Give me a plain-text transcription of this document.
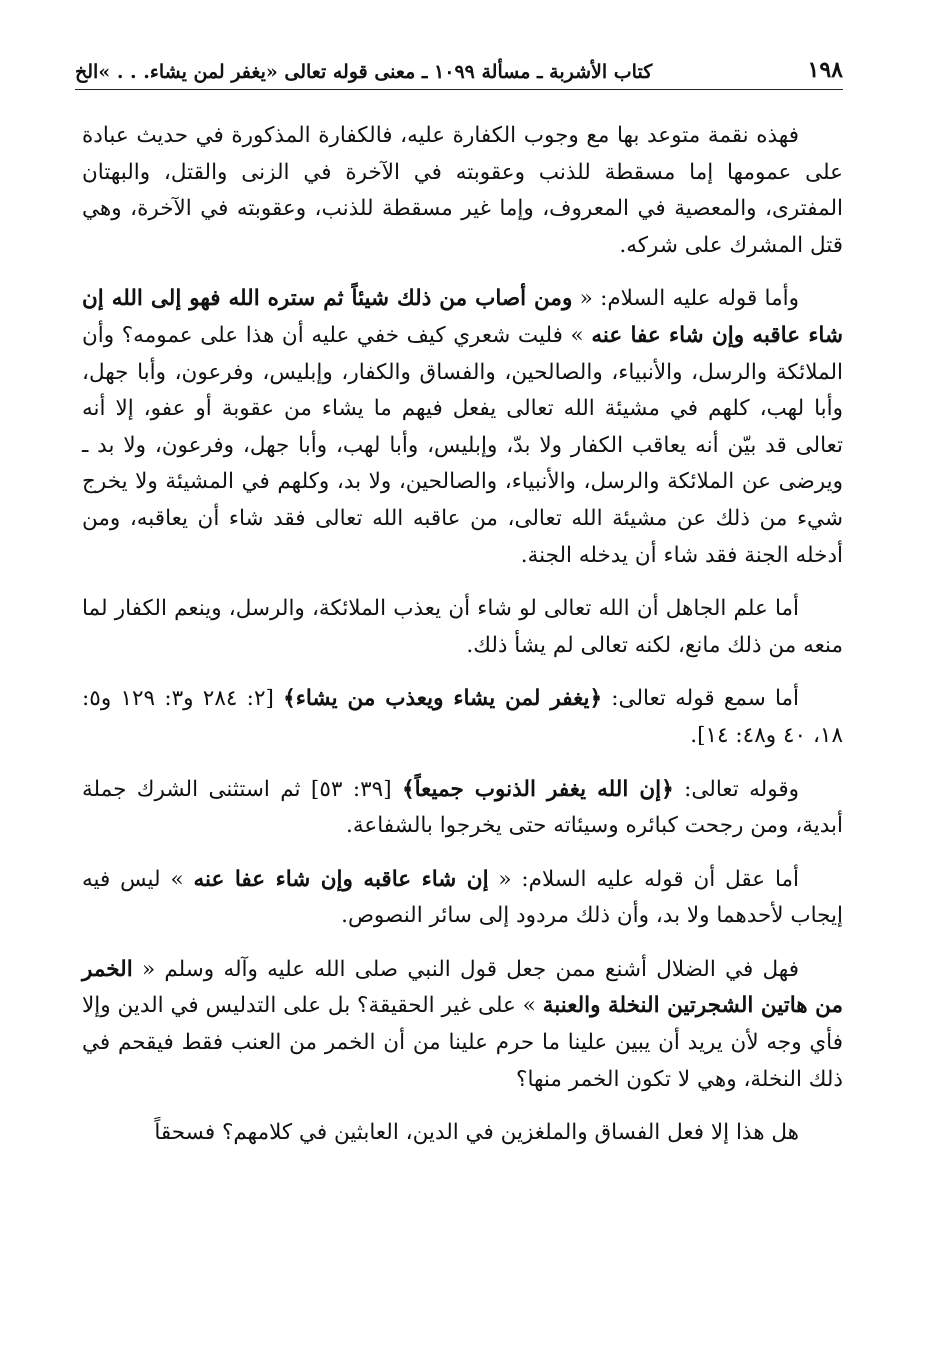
١٩٨
كتاب الأشربة ـ مسألة ١٠٩٩ ـ معنى قوله تعالى «يغفر لمن يشاء. . . »الخ

فهذه نقمة متوعد بها مع وجوب الكفارة عليه، فالكفارة المذكورة في حديث عبادة على عمومها إما مسقطة للذنب وعقوبته في الآخرة في الزنى والقتل، والبهتان المفترى، والمعصية في المعروف، وإما غير مسقطة للذنب، وعقوبته في الآخرة، وهي قتل المشرك على شركه.

وأما قوله عليه السلام: « ومن أصاب من ذلك شيئاً ثم ستره الله فهو إلى الله إن شاء عاقبه وإن شاء عفا عنه » فليت شعري كيف خفي عليه أن هذا على عمومه؟ وأن الملائكة والرسل، والأنبياء، والصالحين، والفساق والكفار، وإبليس، وفرعون، وأبا جهل، وأبا لهب، كلهم في مشيئة الله تعالى يفعل فيهم ما يشاء من عقوبة أو عفو، إلا أنه تعالى قد بيّن أنه يعاقب الكفار ولا بدّ، وإبليس، وأبا لهب، وأبا جهل، وفرعون، ولا بد ـ ويرضى عن الملائكة والرسل، والأنبياء، والصالحين، ولا بد، وكلهم في المشيئة ولا يخرج شيء من ذلك عن مشيئة الله تعالى، من عاقبه الله تعالى فقد شاء أن يعاقبه، ومن أدخله الجنة فقد شاء أن يدخله الجنة.

أما علم الجاهل أن الله تعالى لو شاء أن يعذب الملائكة، والرسل، وينعم الكفار لما منعه من ذلك مانع، لكنه تعالى لم يشأ ذلك.

أما سمع قوله تعالى: ﴿يغفر لمن يشاء ويعذب من يشاء﴾ [٢: ٢٨٤ و٣: ١٢٩ و٥: ١٨، ٤٠ و٤٨: ١٤].

وقوله تعالى: ﴿إن الله يغفر الذنوب جميعاً﴾ [٣٩: ٥٣] ثم استثنى الشرك جملة أبدية، ومن رجحت كبائره وسيئاته حتى يخرجوا بالشفاعة.

أما عقل أن قوله عليه السلام: « إن شاء عاقبه وإن شاء عفا عنه » ليس فيه إيجاب لأحدهما ولا بد، وأن ذلك مردود إلى سائر النصوص.

فهل في الضلال أشنع ممن جعل قول النبي صلى الله عليه وآله وسلم « الخمر من هاتين الشجرتين النخلة والعنبة » على غير الحقيقة؟ بل على التدليس في الدين وإلا فأي وجه لأن يريد أن يبين علينا ما حرم علينا من أن الخمر من العنب فقط فيقحم في ذلك النخلة، وهي لا تكون الخمر منها؟

هل هذا إلا فعل الفساق والملغزين في الدين، العابثين في كلامهم؟ فسحقاً
